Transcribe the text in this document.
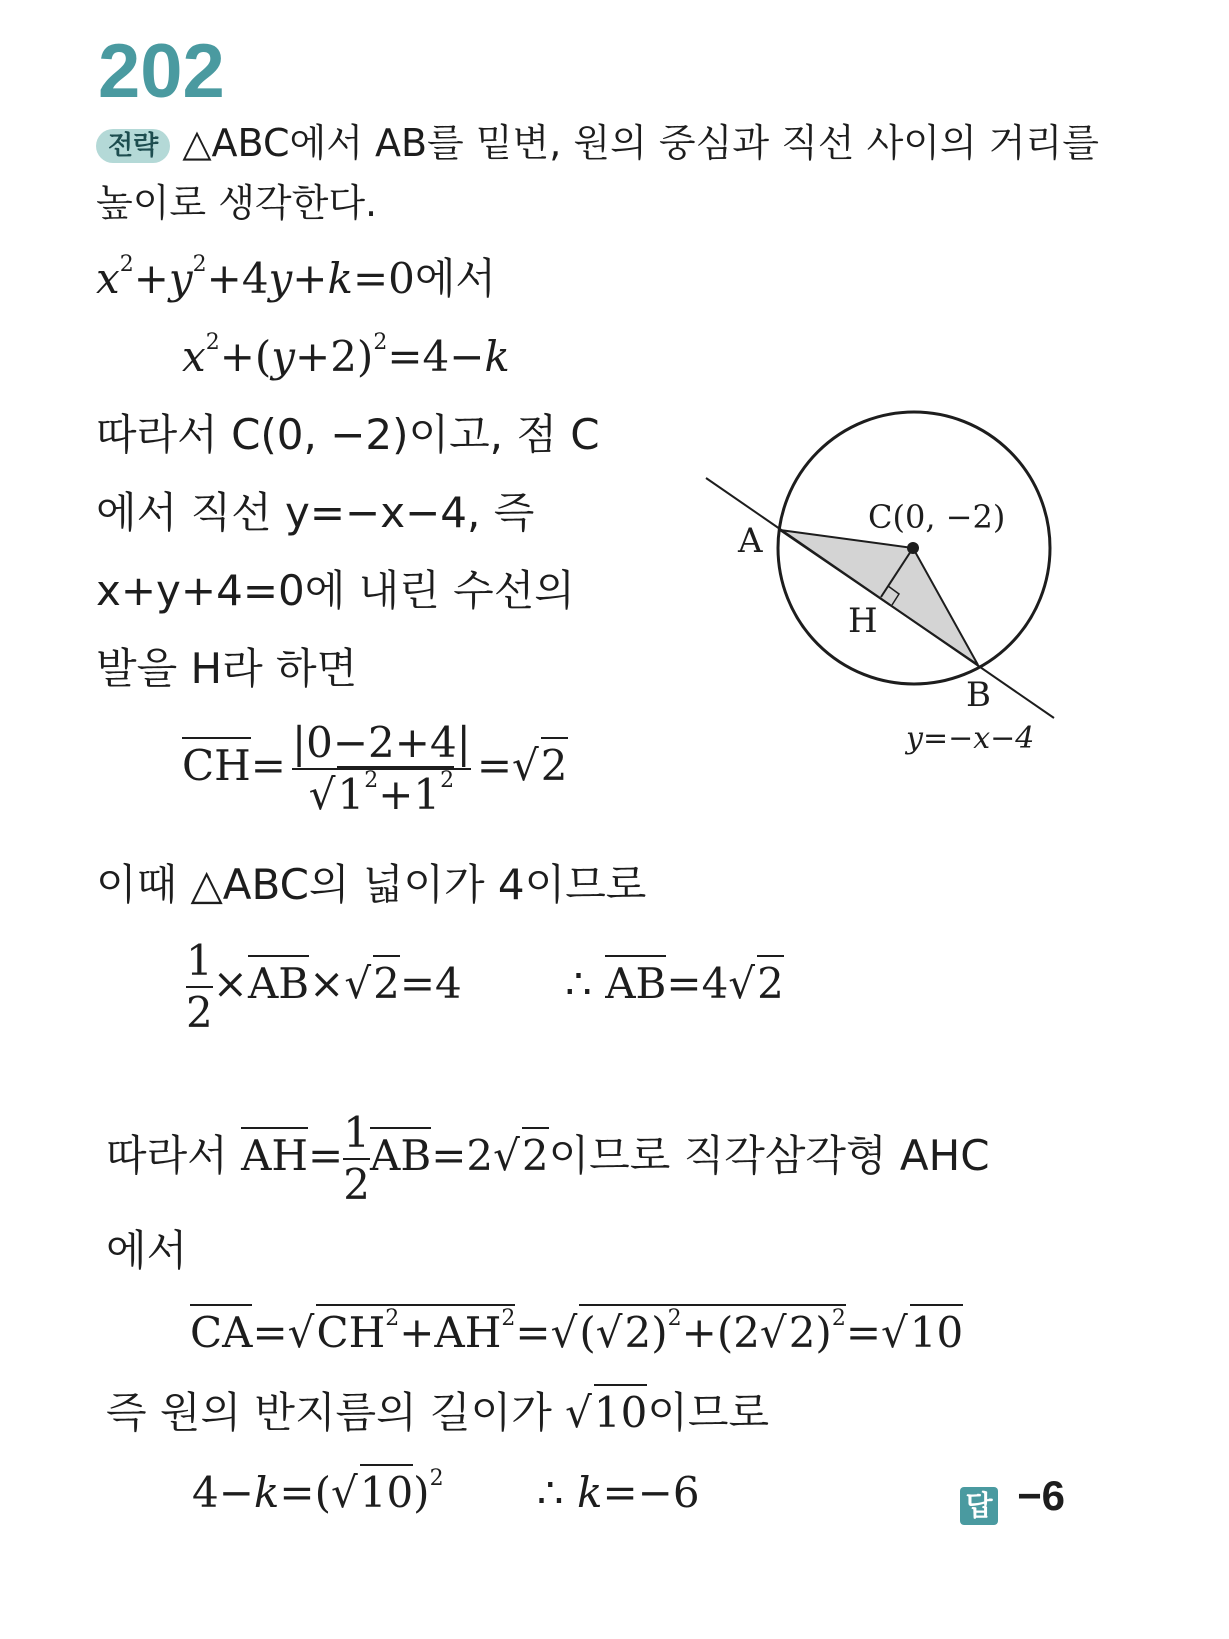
202
전략 △ABC에서 AB를 밑변, 원의 중심과 직선 사이의 거리를
높이로 생각한다.
$x^2+y^2+4y+k=0$에서
$x^2+(y+2)^2=4-k$
따라서 C(0, −2)이고, 점 C
에서 직선 y=−x−4, 즉
x+y+4=0에 내린 수선의
발을 H라 하면
A
H
C(0, −2)
B
y=−x−4
$CH= \frac{|0-2+4|}{√1^2+1^2} =√2$
이때 △ABC의 넓이가 4이므로
$\frac{1}{2} \times AB\times√2=4$ ∴ AB=4√2
따라서 $AH= \frac{1}{2} AB=2√2$이므로 직각삼각형 AHC
에서
$CA=√CH^2+AH^2=√(√2)^2+(2√2)^2=√10$
즉 원의 반지름의 길이가 √10이므로
$4-k=(√10)^2$ ∴ k=−6	답 −6
